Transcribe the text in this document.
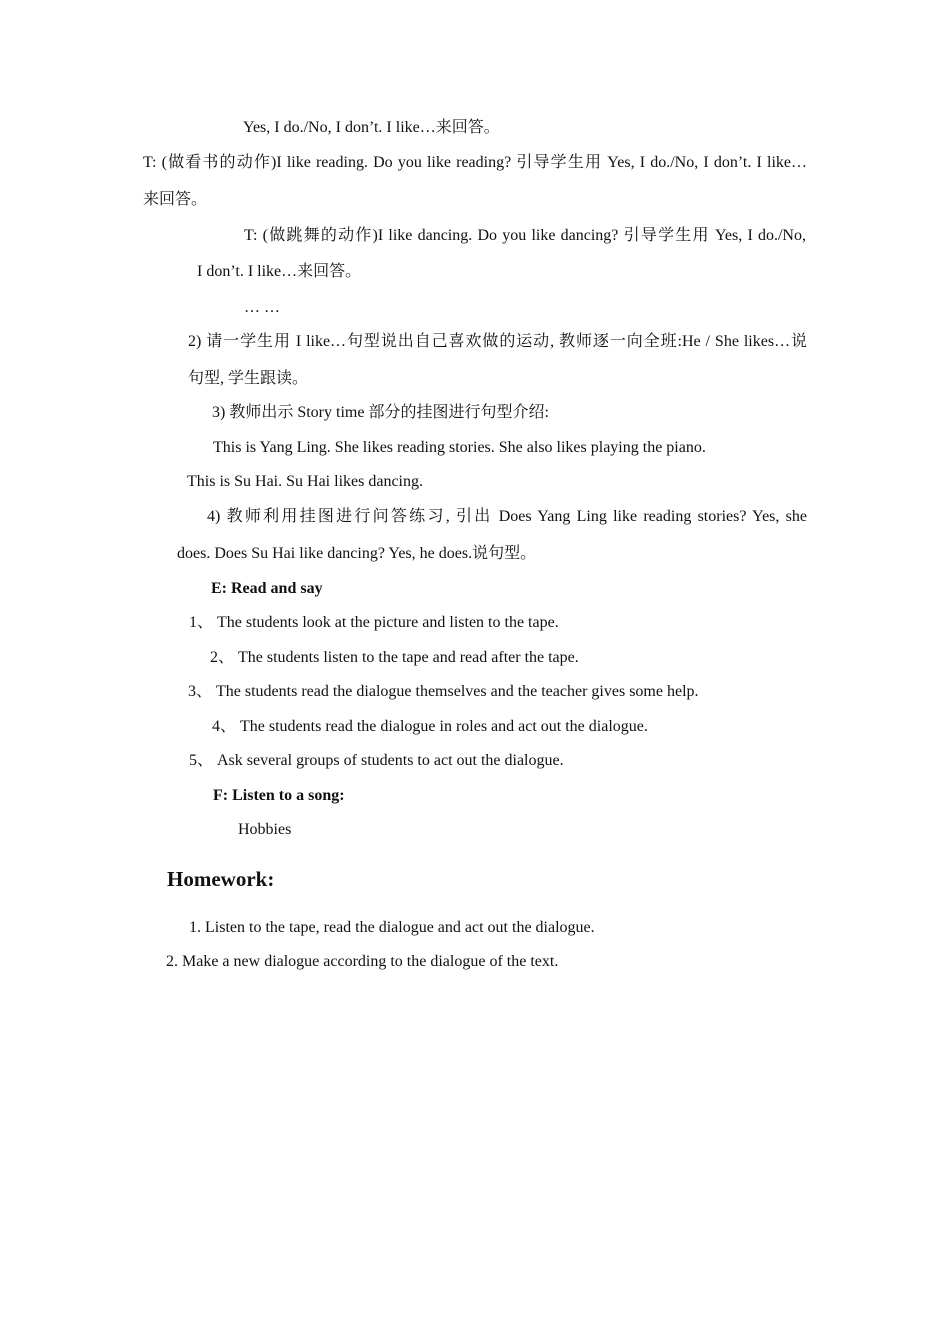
Yes, I do./No, I don’t. I like…来回答。
T: (做看书的动作)I like reading. Do you like reading? 引导学生用 Yes, I do./No, I don’t. I like…
来回答。
T: (做跳舞的动作)I like dancing. Do you like dancing? 引导学生用 Yes, I do./No,
I don’t. I like…来回答。
… …
2) 请一学生用 I like…句型说出自己喜欢做的运动, 教师逐一向全班:He / She likes…说
句型, 学生跟读。
3) 教师出示 Story time 部分的挂图进行句型介绍:
This is Yang Ling. She likes reading stories. She also likes playing the piano.
This is Su Hai. Su Hai likes dancing.
4) 教师利用挂图进行问答练习, 引出 Does Yang Ling like reading stories? Yes, she
does. Does Su Hai like dancing? Yes, he does.说句型。
E: Read and say
1、 The students look at the picture and listen to the tape.
2、 The students listen to the tape and read after the tape.
3、 The students read the dialogue themselves and the teacher gives some help.
4、 The students read the dialogue in roles and act out the dialogue.
5、 Ask several groups of students to act out the dialogue.
F: Listen to a song:
Hobbies
Homework:
1. Listen to the tape, read the dialogue and act out the dialogue.
2. Make a new dialogue according to the dialogue of the text.
